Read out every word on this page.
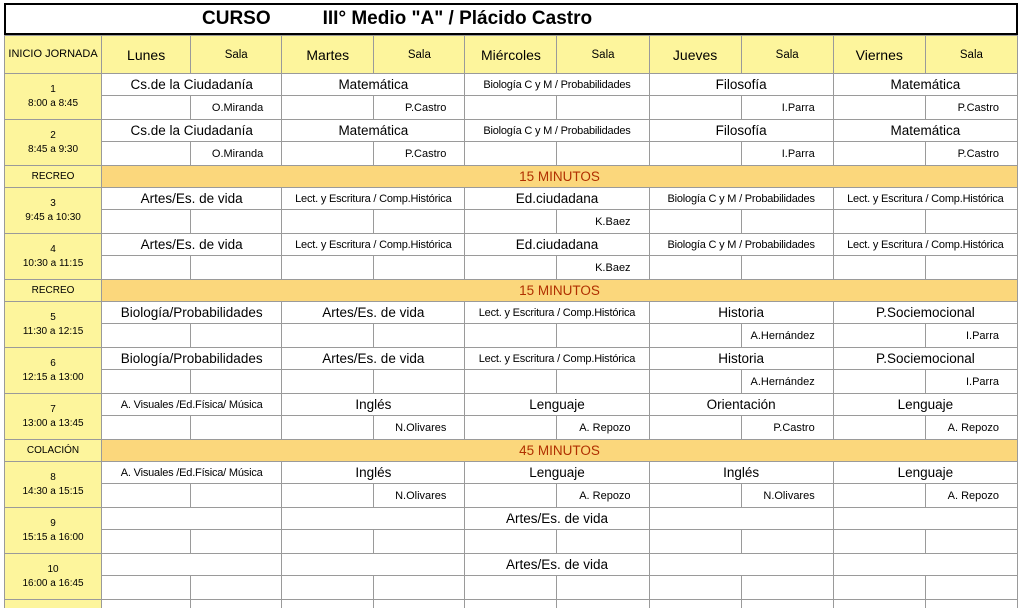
CURSO	III° Medio "A" / Plácido Castro
INICIO JORNADA	Lunes	Sala	Martes	Sala	Miércoles	Sala	Jueves	Sala	Viernes	Sala

1
8:00 a 8:45	Cs.de la Ciudadanía		Matemática		Biología C y M / Probabilidades		Filosofía		Matemática	
		O.Miranda		P.Castro				I.Parra		P.Castro

2
8:45 a 9:30	Cs.de la Ciudadanía		Matemática		Biología C y M / Probabilidades		Filosofía		Matemática	
		O.Miranda		P.Castro				I.Parra		P.Castro
RECREO	15 MINUTOS									

3
9:45 a 10:30	Artes/Es. de vida		Lect. y Escritura / Comp.Histórica		Ed.ciudadana		Biología C y M / Probabilidades		Lect. y Escritura / Comp.Histórica	
						K.Baez				

4
10:30 a 11:15	Artes/Es. de vida		Lect. y Escritura / Comp.Histórica		Ed.ciudadana		Biología C y M / Probabilidades		Lect. y Escritura / Comp.Histórica	
						K.Baez				
RECREO	15 MINUTOS									

5
11:30 a 12:15	Biología/Probabilidades		Artes/Es. de vida		Lect. y Escritura / Comp.Histórica		Historia		P.Sociemocional	
								A.Hernández		I.Parra

6
12:15 a 13:00	Biología/Probabilidades		Artes/Es. de vida		Lect. y Escritura / Comp.Histórica		Historia		P.Sociemocional	
								A.Hernández		I.Parra

7
13:00 a 13:45	A. Visuales /Ed.Física/ Música		Inglés		Lenguaje		Orientación		Lenguaje	
				N.Olivares		A. Repozo		P.Castro		A. Repozo
COLACIÓN	45 MINUTOS									

8
14:30 a 15:15	A. Visuales /Ed.Física/ Música		Inglés		Lenguaje		Inglés		Lenguaje	
				N.Olivares		A. Repozo		N.Olivares		A. Repozo

9
15:15 a 16:00					Artes/Es. de vida					

10
16:00 a 16:45					Artes/Es. de vida					
